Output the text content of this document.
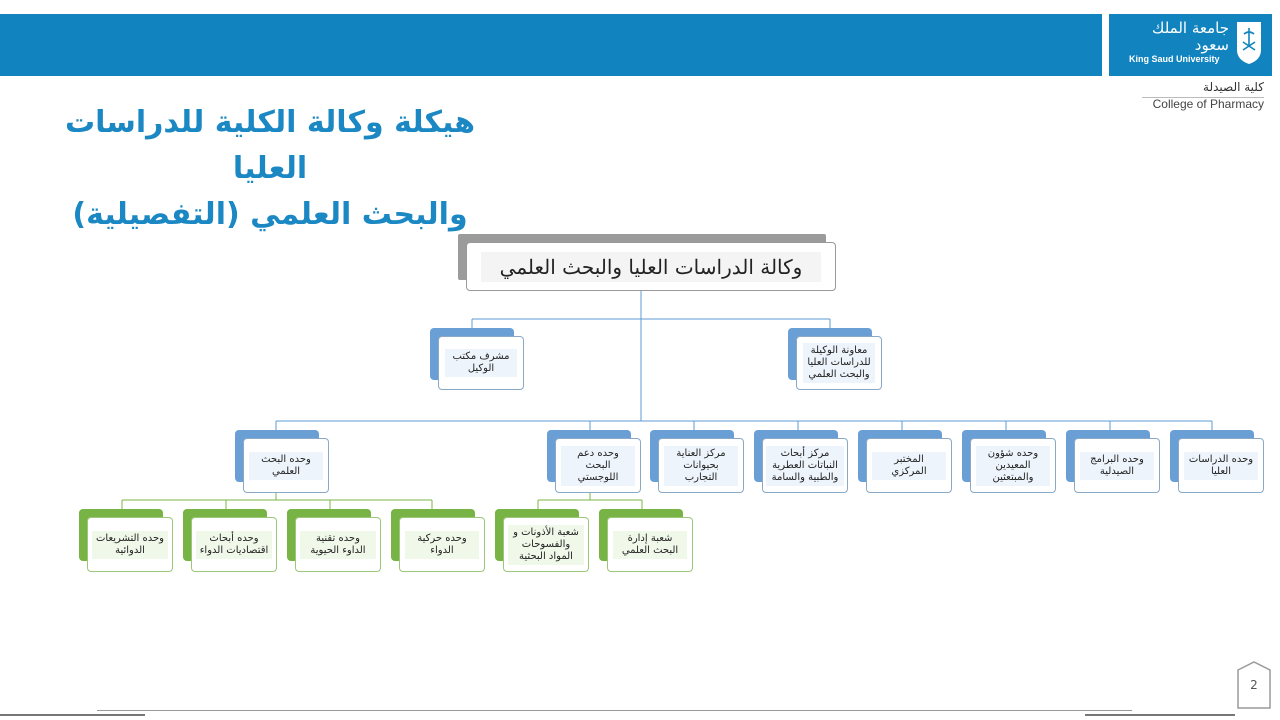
جامعة الملك سعود
King Saud University
كلية الصيدلة
College of Pharmacy
هيكلة وكالة الكلية للدراسات العليا
والبحث العلمي (التفصيلية)
وكالة الدراسات العليا والبحث العلمي
مشرف مكتب الوكيل
معاونة الوكيلة للدراسات العليا والبحث العلمي
وحده الدراسات العليا
وحده البرامج الصيدلية
وحده شؤون المعيدين والمبتعثين
المختبر المركزي
مركز أبحاث النباتات العطرية والطبية والسامة
مركز العناية بحيوانات التجارب
وحده دعم البحث اللوجستي
وحده البحث العلمي
شعبة إدارة البحث العلمي
شعبة الأذونات و والفسوحات المواد البحثية
وحده حركية الدواء
وحده تقنية الداوء الحيوية
وحده أبحاث اقتصاديات الدواء
وحده التشريعات الدوائية
2
